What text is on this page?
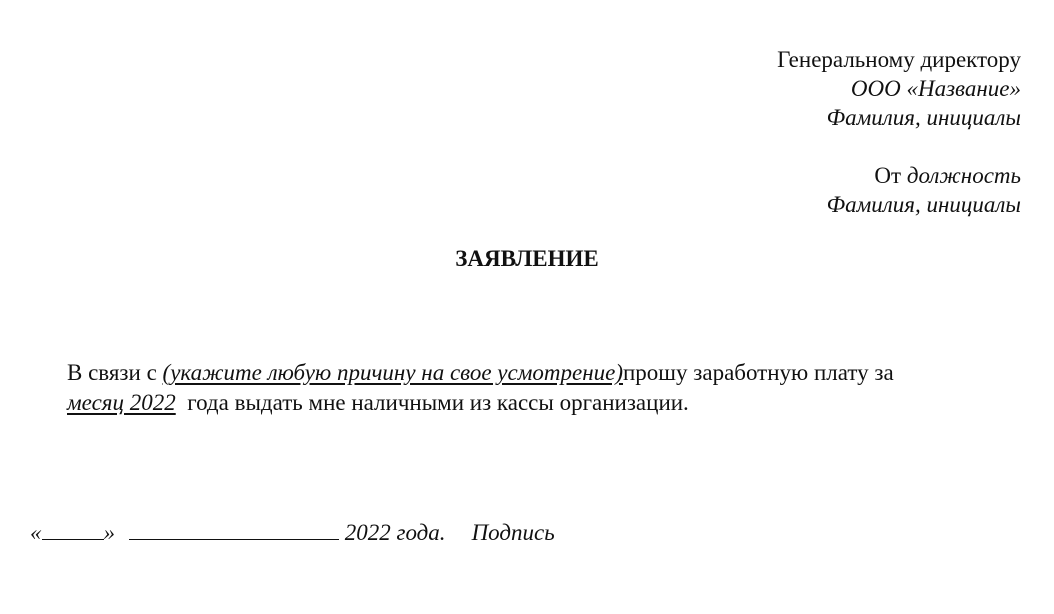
Генеральному директору
ООО «Название»
Фамилия, инициалы
От должность
Фамилия, инициалы
ЗАЯВЛЕНИЕ
В связи с (укажите любую причину на свое усмотрение)прошу заработную плату за
месяц 2022  года выдать мне наличными из кассы организации.
«	»	2022 года. Подпись
